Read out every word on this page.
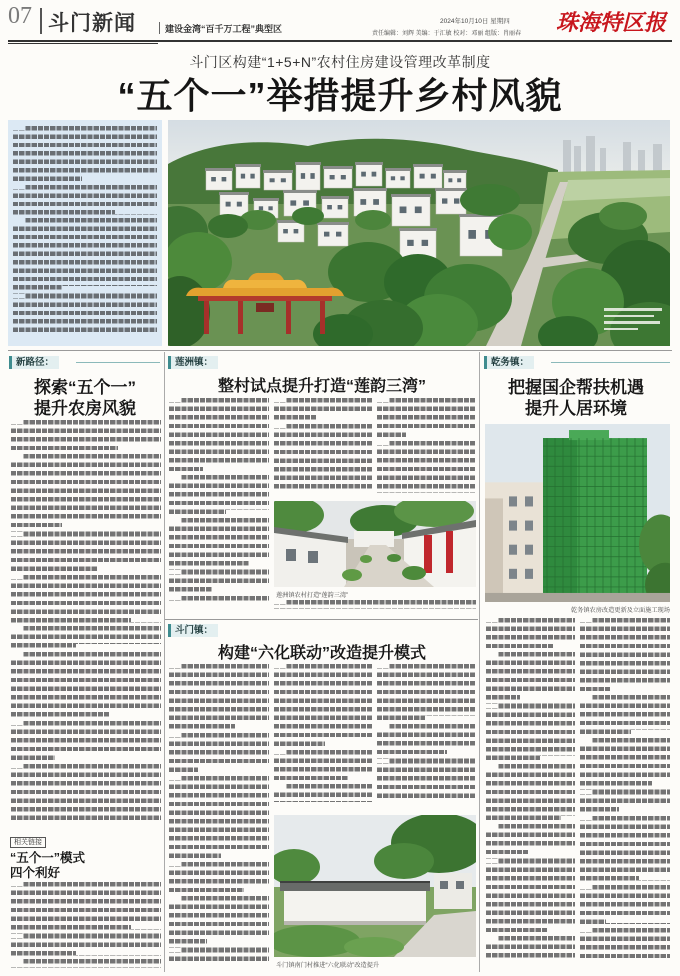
07 斗门新闻	建设金湾“百千万工程”典型区
2024年10月10日 星期四
责任编辑：刘辉 美编：于汇敏 校对：邓丽 组版：肖丽春 珠海特区报
斗门区构建“1+5+N”农村住房建设管理改革制度
“五个一”举措提升乡村风貌
新路径：
探索“五个一”
提升农房风貌
相关链接
“五个一”模式
四个利好
莲洲镇：
整村试点提升打造“莲韵三湾”
莲洲镇农村打造“莲韵三湾”
斗门镇：
构建“六化联动”改造提升模式
斗门镇南门村推进“六化联动”改造提升
乾务镇：
把握国企帮扶机遇
提升人居环境
乾务镇农房改造更新及立面施工现场
